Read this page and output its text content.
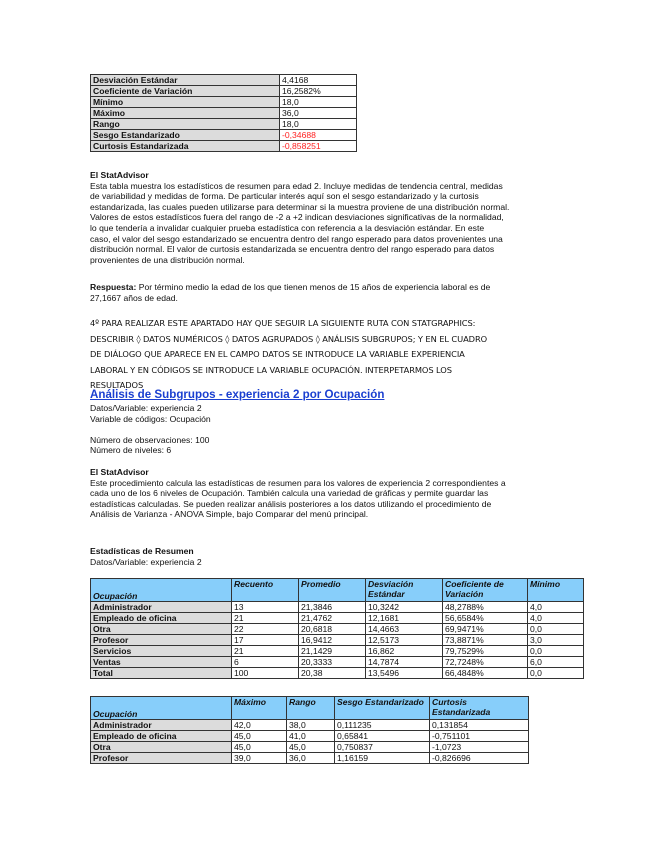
Desviación Estándar	4,4168
Coeficiente de Variación	16,2582%
Mínimo	18,0
Máximo	36,0
Rango	18,0
Sesgo Estandarizado	-0,34688
Curtosis Estandarizada	-0,858251
El StatAdvisor
Esta tabla muestra los estadísticos de resumen para edad 2. Incluye medidas de tendencia central, medidas
de variabilidad y medidas de forma. De particular interés aquí son el sesgo estandarizado y la curtosis
estandarizada, las cuales pueden utilizarse para determinar si la muestra proviene de una distribución normal.
Valores de estos estadísticos fuera del rango de -2 a +2 indican desviaciones significativas de la normalidad,
lo que tendería a invalidar cualquier prueba estadística con referencia a la desviación estándar. En este
caso, el valor del sesgo estandarizado se encuentra dentro del rango esperado para datos provenientes una
distribución normal. El valor de curtosis estandarizada se encuentra dentro del rango esperado para datos
provenientes de una distribución normal.
Respuesta: Por término medio la edad de los que tienen menos de 15 años de experiencia laboral es de
27,1667 años de edad.
4º PARA REALIZAR ESTE APARTADO HAY QUE SEGUIR LA SIGUIENTE RUTA CON STATGRAPHICS:
DESCRIBIR ◊ DATOS NUMÉRICOS ◊ DATOS AGRUPADOS ◊ ANÁLISIS SUBGRUPOS; Y EN EL CUADRO
DE DIÁLOGO QUE APARECE EN EL CAMPO DATOS SE INTRODUCE LA VARIABLE EXPERIENCIA
LABORAL Y EN CÓDIGOS SE INTRODUCE LA VARIABLE OCUPACIÓN. INTERPETARMOS LOS
RESULTADOS
Análisis de Subgrupos - experiencia 2 por Ocupación
Datos/Variable: experiencia 2
Variable de códigos: Ocupación
Número de observaciones: 100
Número de niveles: 6
El StatAdvisor
Este procedimiento calcula las estadísticas de resumen para los valores de experiencia 2 correspondientes a
cada uno de los 6 niveles de Ocupación. También calcula una variedad de gráficas y permite guardar las
estadísticas calculadas. Se pueden realizar análisis posteriores a los datos utilizando el procedimiento de
Análisis de Varianza - ANOVA Simple, bajo Comparar del menú principal.
Estadísticas de Resumen
Datos/Variable: experiencia 2
Ocupación	Recuento	Promedio	Desviación Estándar	Coeficiente de Variación	Mínimo
Administrador	13	21,3846	10,3242	48,2788%	4,0
Empleado de oficina	21	21,4762	12,1681	56,6584%	4,0
Otra	22	20,6818	14,4663	69,9471%	0,0
Profesor	17	16,9412	12,5173	73,8871%	3,0
Servicios	21	21,1429	16,862	79,7529%	0,0
Ventas	6	20,3333	14,7874	72,7248%	6,0
Total	100	20,38	13,5496	66,4848%	0,0
Ocupación	Máximo	Rango	Sesgo Estandarizado	Curtosis Estandarizada
Administrador	42,0	38,0	0,111235	0,131854
Empleado de oficina	45,0	41,0	0,65841	-0,751101
Otra	45,0	45,0	0,750837	-1,0723
Profesor	39,0	36,0	1,16159	-0,826696
